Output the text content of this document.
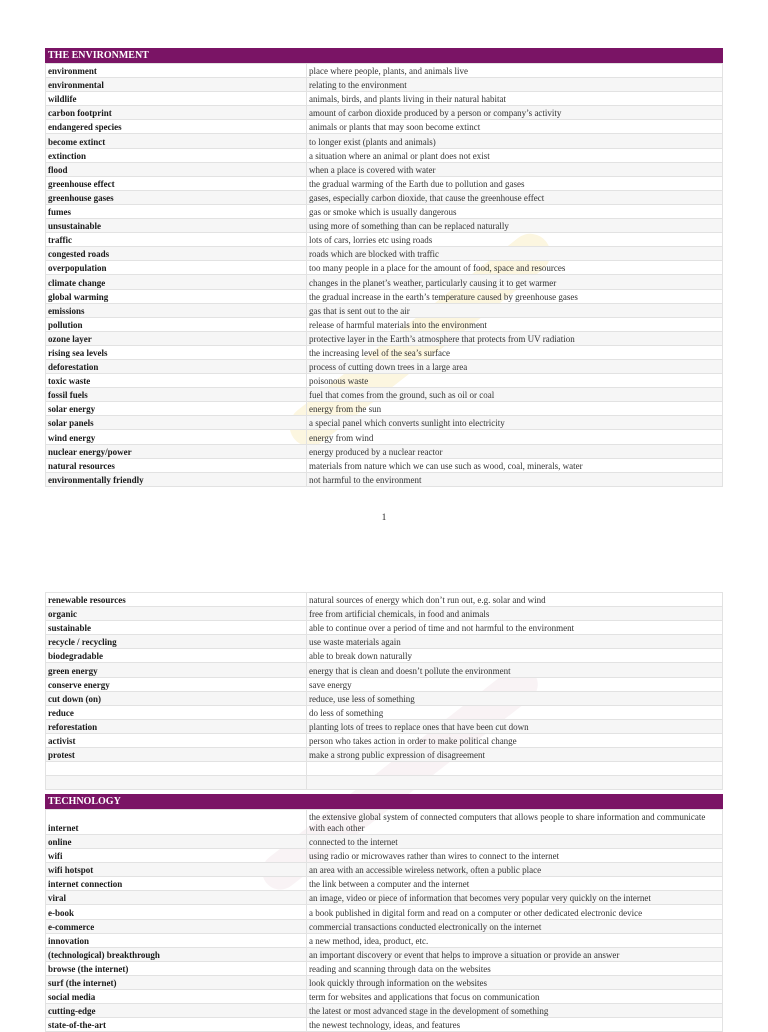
THE ENVIRONMENT
environment	place where people, plants, and animals live
environmental	relating to the environment
wildlife	animals, birds, and plants living in their natural habitat
carbon footprint	amount of carbon dioxide produced by a person or company’s activity
endangered species	animals or plants that may soon become extinct
become extinct	to longer exist (plants and animals)
extinction	a situation where an animal or plant does not exist
flood	when a place is covered with water
greenhouse effect	the gradual warming of the Earth due to pollution and gases
greenhouse gases	gases, especially carbon dioxide, that cause the greenhouse effect
fumes	gas or smoke which is usually dangerous
unsustainable	using more of something than can be replaced naturally
traffic	lots of cars, lorries etc using roads
congested roads	roads which are blocked with traffic
overpopulation	too many people in a place for the amount of food, space and resources
climate change	changes in the planet’s weather, particularly causing it to get warmer
global warming	the gradual increase in the earth’s temperature caused by greenhouse gases
emissions	gas that is sent out to the air
pollution	release of harmful materials into the environment
ozone layer	protective layer in the Earth’s atmosphere that protects from UV radiation
rising sea levels	the increasing level of the sea’s surface
deforestation	process of cutting down trees in a large area
toxic waste	poisonous waste
fossil fuels	fuel that comes from the ground, such as oil or coal
solar energy	energy from the sun
solar panels	a special panel which converts sunlight into electricity
wind energy	energy from wind
nuclear energy/power	energy produced by a nuclear reactor
natural resources	materials from nature which we can use such as wood, coal, minerals, water
environmentally friendly	not harmful to the environment
1
renewable resources	natural sources of energy which don’t run out, e.g. solar and wind
organic	free from artificial chemicals, in food and animals
sustainable	able to continue over a period of time and not harmful to the environment
recycle / recycling	use waste materials again
biodegradable	able to break down naturally
green energy	energy that is clean and doesn’t pollute the environment
conserve energy	save energy
cut down (on)	reduce, use less of something
reduce	do less of something
reforestation	planting lots of trees to replace ones that have been cut down
activist	person who takes action in order to make political change
protest	make a strong public expression of disagreement

TECHNOLOGY
internet	the extensive global system of connected computers that allows people to share information and communicate with each other
online	connected to the internet
wifi	using radio or microwaves rather than wires to connect to the internet
wifi hotspot	an area with an accessible wireless network, often a public place
internet connection	the link between a computer and the internet
viral	an image, video or piece of information that becomes very popular very quickly on the internet
e-book	a book published in digital form and read on a computer or other dedicated electronic device
e-commerce	commercial transactions conducted electronically on the internet
innovation	a new method, idea, product, etc.
(technological) breakthrough	an important discovery or event that helps to improve a situation or provide an answer
browse (the internet)	reading and scanning through data on the websites
surf (the internet)	look quickly through information on the websites
social media	term for websites and applications that focus on communication
cutting-edge	the latest or most advanced stage in the development of something
state-of-the-art	the newest technology, ideas, and features
